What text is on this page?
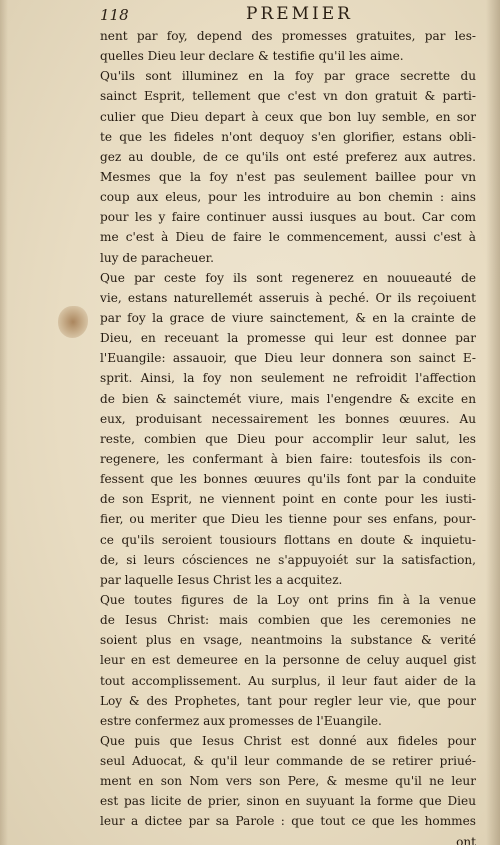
118	PREMIER
nent par foy, depend des promesses gratuites, par les-
quelles Dieu leur declare & testifie qu'il les aime.
Qu'ils sont illuminez en la foy par grace secrette du
sainct Esprit, tellement que c'est vn don gratuit & parti-
culier que Dieu depart à ceux que bon luy semble, en sor
te que les fideles n'ont dequoy s'en glorifier, estans obli-
gez au double, de ce qu'ils ont esté preferez aux autres.
Mesmes que la foy n'est pas seulement baillee pour vn
coup aux eleus, pour les introduire au bon chemin : ains
pour les y faire continuer aussi iusques au bout. Car com
me c'est à Dieu de faire le commencement, aussi c'est à
luy de paracheuer.
Que par ceste foy ils sont regenerez en nouueauté de
vie, estans naturellemét asseruis à peché. Or ils reçoiuent
par foy la grace de viure sainctement, & en la crainte de
Dieu, en receuant la promesse qui leur est donnee par
l'Euangile: assauoir, que Dieu leur donnera son sainct E-
sprit. Ainsi, la foy non seulement ne refroidit l'affection
de bien & sainctemét viure, mais l'engendre & excite en
eux, produisant necessairement les bonnes œuures. Au
reste, combien que Dieu pour accomplir leur salut, les
regenere, les confermant à bien faire: toutesfois ils con-
fessent que les bonnes œuures qu'ils font par la conduite
de son Esprit, ne viennent point en conte pour les iusti-
fier, ou meriter que Dieu les tienne pour ses enfans, pour-
ce qu'ils seroient tousiours flottans en doute & inquietu-
de, si leurs cósciences ne s'appuyoiét sur la satisfaction,
par laquelle Iesus Christ les a acquitez.
Que toutes figures de la Loy ont prins fin à la venue
de Iesus Christ: mais combien que les ceremonies ne
soient plus en vsage, neantmoins la substance & verité
leur en est demeuree en la personne de celuy auquel gist
tout accomplissement. Au surplus, il leur faut aider de la
Loy & des Prophetes, tant pour regler leur vie, que pour
estre confermez aux promesses de l'Euangile.
Que puis que Iesus Christ est donné aux fideles pour
seul Aduocat, & qu'il leur commande de se retirer priué-
ment en son Nom vers son Pere, & mesme qu'il ne leur
est pas licite de prier, sinon en suyuant la forme que Dieu
leur a dictee par sa Parole : que tout ce que les hommes
ont
